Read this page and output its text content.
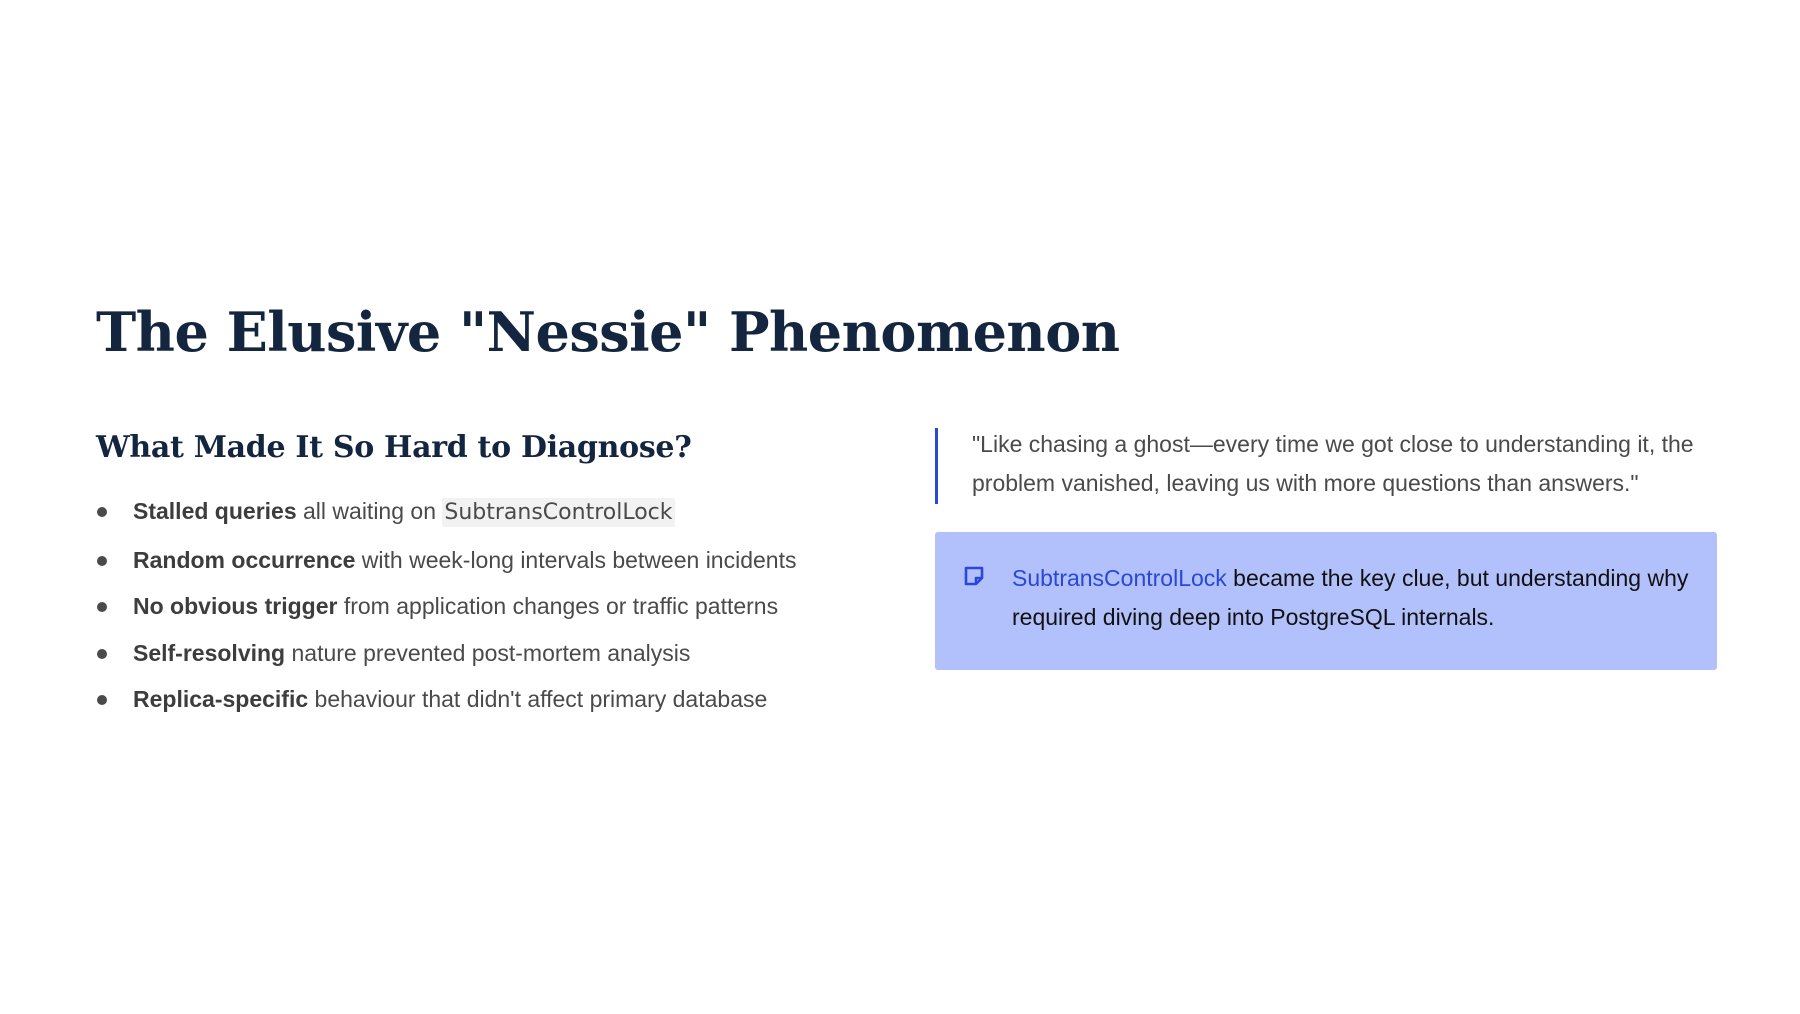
The Elusive "Nessie" Phenomenon
What Made It So Hard to Diagnose?
Stalled queries all waiting on SubtransControlLock
Random occurrence with week-long intervals between incidents
No obvious trigger from application changes or traffic patterns
Self-resolving nature prevented post-mortem analysis
Replica-specific behaviour that didn't affect primary database

"Like chasing a ghost—every time we got close to understanding it, the problem vanished, leaving us with more questions than answers."

SubtransControlLock became the key clue, but understanding why required diving deep into PostgreSQL internals.
